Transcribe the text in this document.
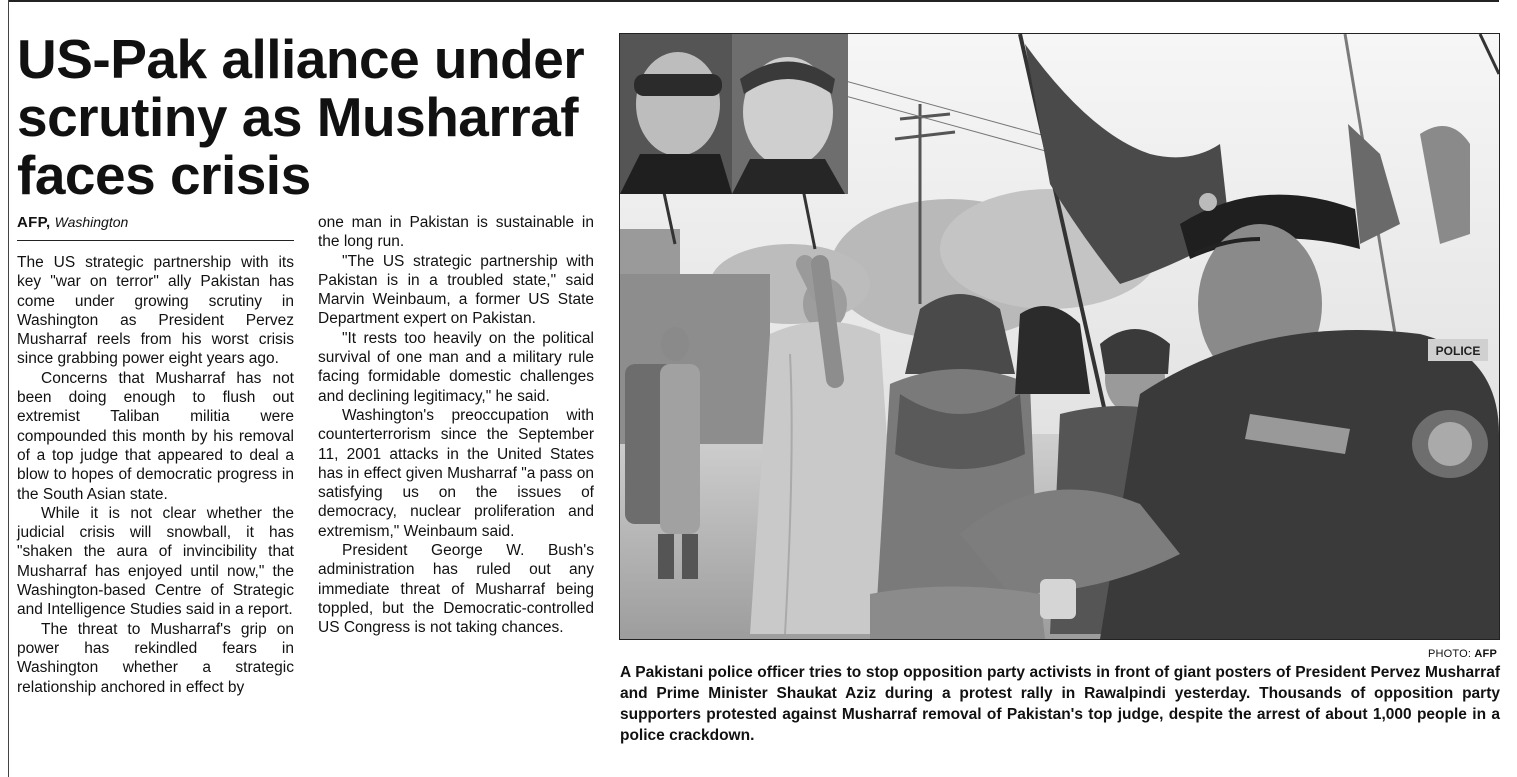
US-Pak alliance under scrutiny as Musharraf faces crisis
AFP, Washington

The US strategic partnership with its key "war on terror" ally Pakistan has come under growing scrutiny in Washington as President Pervez Musharraf reels from his worst crisis since grabbing power eight years ago.

Concerns that Musharraf has not been doing enough to flush out extremist Taliban militia were compounded this month by his removal of a top judge that appeared to deal a blow to hopes of democratic progress in the South Asian state.

While it is not clear whether the judicial crisis will snowball, it has "shaken the aura of invincibility that Musharraf has enjoyed until now," the Washington-based Centre of Strategic and Intelligence Studies said in a report.

The threat to Musharraf's grip on power has rekindled fears in Washington whether a strategic relationship anchored in effect by

one man in Pakistan is sustainable in the long run.

"The US strategic partnership with Pakistan is in a troubled state," said Marvin Weinbaum, a former US State Department expert on Pakistan.

"It rests too heavily on the political survival of one man and a military rule facing formidable domestic challenges and declining legitimacy," he said.

Washington's preoccupation with counterterrorism since the September 11, 2001 attacks in the United States has in effect given Musharraf "a pass on satisfying us on the issues of democracy, nuclear proliferation and extremism," Weinbaum said.

President George W. Bush's administration has ruled out any immediate threat of Musharraf being toppled, but the Democratic-controlled US Congress is not taking chances.

POLICE
PHOTO: AFP
A Pakistani police officer tries to stop opposition party activists in front of giant posters of President Pervez Musharraf and Prime Minister Shaukat Aziz during a protest rally in Rawalpindi yesterday. Thousands of opposition party supporters protested against Musharraf removal of Pakistan's top judge, despite the arrest of about 1,000 people in a police crackdown.
